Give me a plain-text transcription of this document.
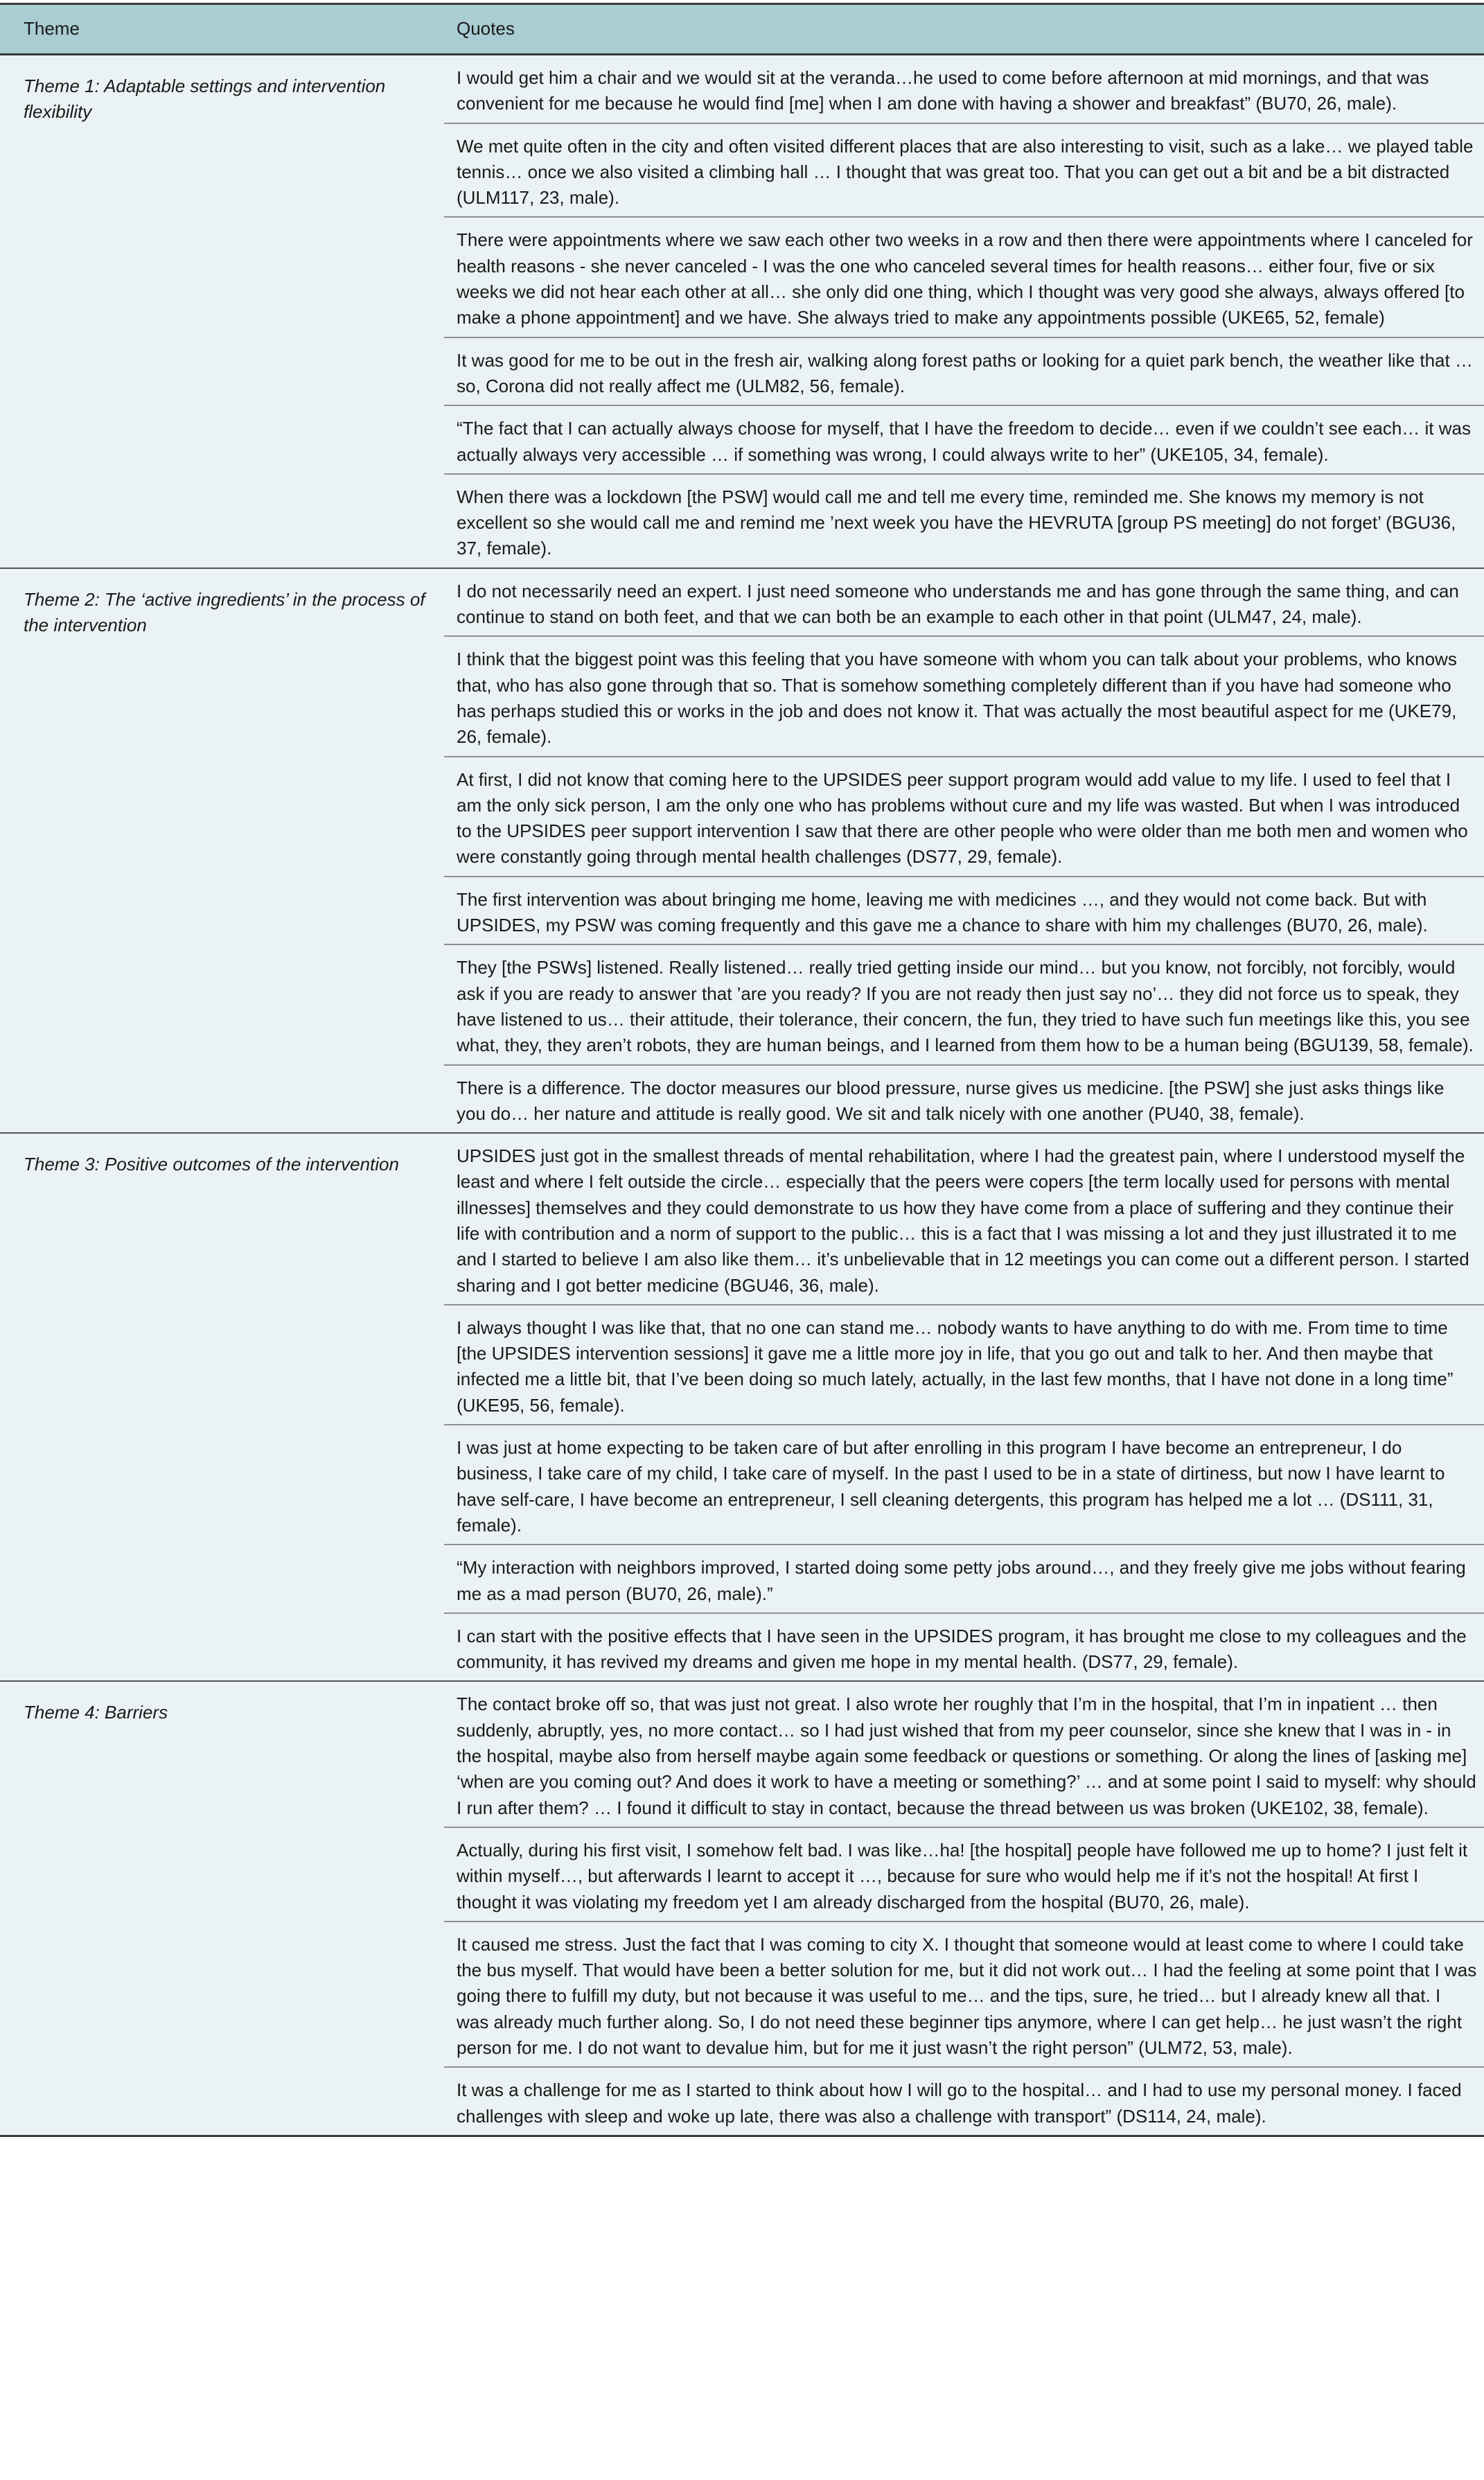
Theme	Quotes
Theme 1: Adaptable settings and intervention flexibility	I would get him a chair and we would sit at the veranda…he used to come before afternoon at mid mornings, and that was convenient for me because he would find [me] when I am done with having a shower and breakfast” (BU70, 26, male).
	We met quite often in the city and often visited different places that are also interesting to visit, such as a lake… we played table tennis… once we also visited a climbing hall … I thought that was great too. That you can get out a bit and be a bit distracted (ULM117, 23, male).
	There were appointments where we saw each other two weeks in a row and then there were appointments where I canceled for health reasons - she never canceled - I was the one who canceled several times for health reasons… either four, five or six weeks we did not hear each other at all… she only did one thing, which I thought was very good she always, always offered [to make a phone appointment] and we have. She always tried to make any appointments possible (UKE65, 52, female)
	It was good for me to be out in the fresh air, walking along forest paths or looking for a quiet park bench, the weather like that … so, Corona did not really affect me (ULM82, 56, female).
	“The fact that I can actually always choose for myself, that I have the freedom to decide… even if we couldn’t see each… it was actually always very accessible … if something was wrong, I could always write to her” (UKE105, 34, female).
	When there was a lockdown [the PSW] would call me and tell me every time, reminded me. She knows my memory is not excellent so she would call me and remind me ’next week you have the HEVRUTA [group PS meeting] do not forget’ (BGU36, 37, female).
Theme 2: The ‘active ingredients’ in the process of the intervention	I do not necessarily need an expert. I just need someone who understands me and has gone through the same thing, and can continue to stand on both feet, and that we can both be an example to each other in that point (ULM47, 24, male).
	I think that the biggest point was this feeling that you have someone with whom you can talk about your problems, who knows that, who has also gone through that so. That is somehow something completely different than if you have had someone who has perhaps studied this or works in the job and does not know it. That was actually the most beautiful aspect for me (UKE79, 26, female).
	At first, I did not know that coming here to the UPSIDES peer support program would add value to my life. I used to feel that I am the only sick person, I am the only one who has problems without cure and my life was wasted. But when I was introduced to the UPSIDES peer support intervention I saw that there are other people who were older than me both men and women who were constantly going through mental health challenges (DS77, 29, female).
	The first intervention was about bringing me home, leaving me with medicines …, and they would not come back. But with UPSIDES, my PSW was coming frequently and this gave me a chance to share with him my challenges (BU70, 26, male).
	They [the PSWs] listened. Really listened… really tried getting inside our mind… but you know, not forcibly, not forcibly, would ask if you are ready to answer that ’are you ready? If you are not ready then just say no’… they did not force us to speak, they have listened to us… their attitude, their tolerance, their concern, the fun, they tried to have such fun meetings like this, you see what, they, they aren’t robots, they are human beings, and I learned from them how to be a human being (BGU139, 58, female).
	There is a difference. The doctor measures our blood pressure, nurse gives us medicine. [the PSW] she just asks things like you do… her nature and attitude is really good. We sit and talk nicely with one another (PU40, 38, female).
Theme 3: Positive outcomes of the intervention	UPSIDES just got in the smallest threads of mental rehabilitation, where I had the greatest pain, where I understood myself the least and where I felt outside the circle… especially that the peers were copers [the term locally used for persons with mental illnesses] themselves and they could demonstrate to us how they have come from a place of suffering and they continue their life with contribution and a norm of support to the public… this is a fact that I was missing a lot and they just illustrated it to me and I started to believe I am also like them… it’s unbelievable that in 12 meetings you can come out a different person. I started sharing and I got better medicine (BGU46, 36, male).
	I always thought I was like that, that no one can stand me… nobody wants to have anything to do with me. From time to time [the UPSIDES intervention sessions] it gave me a little more joy in life, that you go out and talk to her. And then maybe that infected me a little bit, that I’ve been doing so much lately, actually, in the last few months, that I have not done in a long time” (UKE95, 56, female).
	I was just at home expecting to be taken care of but after enrolling in this program I have become an entrepreneur, I do business, I take care of my child, I take care of myself. In the past I used to be in a state of dirtiness, but now I have learnt to have self-care, I have become an entrepreneur, I sell cleaning detergents, this program has helped me a lot … (DS111, 31, female).
	“My interaction with neighbors improved, I started doing some petty jobs around…, and they freely give me jobs without fearing me as a mad person (BU70, 26, male).”
	I can start with the positive effects that I have seen in the UPSIDES program, it has brought me close to my colleagues and the community, it has revived my dreams and given me hope in my mental health. (DS77, 29, female).
Theme 4: Barriers	The contact broke off so, that was just not great. I also wrote her roughly that I’m in the hospital, that I’m in inpatient … then suddenly, abruptly, yes, no more contact… so I had just wished that from my peer counselor, since she knew that I was in - in the hospital, maybe also from herself maybe again some feedback or questions or something. Or along the lines of [asking me] ‘when are you coming out? And does it work to have a meeting or something?’ … and at some point I said to myself: why should I run after them? … I found it difficult to stay in contact, because the thread between us was broken (UKE102, 38, female).
	Actually, during his first visit, I somehow felt bad. I was like…ha! [the hospital] people have followed me up to home? I just felt it within myself…, but afterwards I learnt to accept it …, because for sure who would help me if it’s not the hospital! At first I thought it was violating my freedom yet I am already discharged from the hospital (BU70, 26, male).
	It caused me stress. Just the fact that I was coming to city X. I thought that someone would at least come to where I could take the bus myself. That would have been a better solution for me, but it did not work out… I had the feeling at some point that I was going there to fulfill my duty, but not because it was useful to me… and the tips, sure, he tried… but I already knew all that. I was already much further along. So, I do not need these beginner tips anymore, where I can get help… he just wasn’t the right person for me. I do not want to devalue him, but for me it just wasn’t the right person” (ULM72, 53, male).
	It was a challenge for me as I started to think about how I will go to the hospital… and I had to use my personal money. I faced challenges with sleep and woke up late, there was also a challenge with transport” (DS114, 24, male).
